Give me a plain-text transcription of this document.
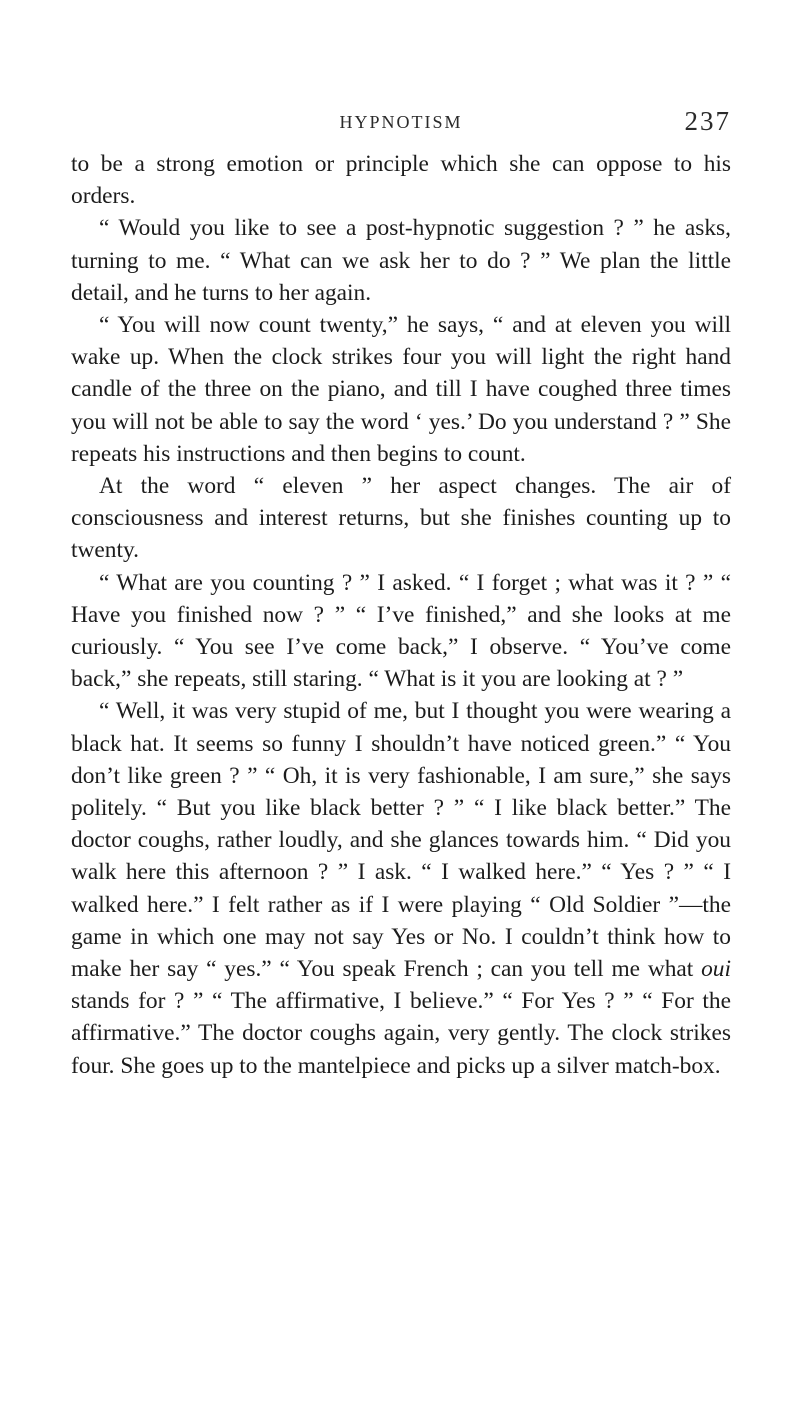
HYPNOTISM	237

to be a strong emotion or principle which she can oppose to his orders.

“ Would you like to see a post-hypnotic suggestion ? ” he asks, turning to me. “ What can we ask her to do ? ” We plan the little detail, and he turns to her again.

“ You will now count twenty,” he says, “ and at eleven you will wake up. When the clock strikes four you will light the right hand candle of the three on the piano, and till I have coughed three times you will not be able to say the word ‘ yes.’ Do you understand ? ” She repeats his instructions and then begins to count.

At the word “ eleven ” her aspect changes. The air of consciousness and interest returns, but she finishes counting up to twenty.

“ What are you counting ? ” I asked. “ I forget ; what was it ? ” “ Have you finished now ? ” “ I’ve finished,” and she looks at me curiously. “ You see I’ve come back,” I observe. “ You’ve come back,” she repeats, still staring. “ What is it you are looking at ? ”

“ Well, it was very stupid of me, but I thought you were wearing a black hat. It seems so funny I shouldn’t have noticed green.” “ You don’t like green ? ” “ Oh, it is very fashionable, I am sure,” she says politely. “ But you like black better ? ” “ I like black better.” The doctor coughs, rather loudly, and she glances towards him. “ Did you walk here this afternoon ? ” I ask. “ I walked here.” “ Yes ? ” “ I walked here.” I felt rather as if I were playing “ Old Soldier ”—the game in which one may not say Yes or No. I couldn’t think how to make her say “ yes.” “ You speak French ; can you tell me what oui stands for ? ” “ The affirmative, I believe.” “ For Yes ? ” “ For the affirmative.” The doctor coughs again, very gently. The clock strikes four. She goes up to the mantelpiece and picks up a silver match-box.
